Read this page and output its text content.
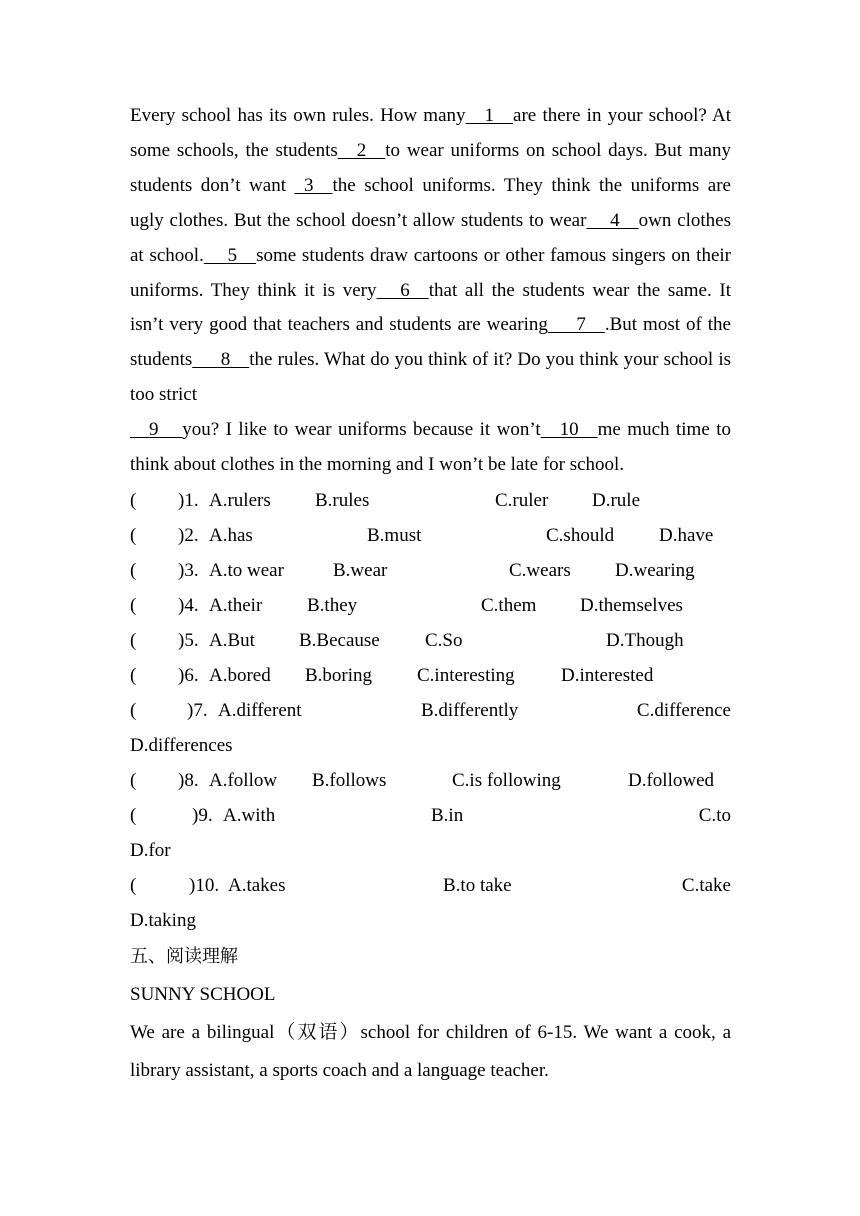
Every school has its own rules. How many    1    are there in your school? At some schools, the students    2    to wear uniforms on school days. But many students don’t want   3    the school uniforms. They think the uniforms are ugly clothes. But the school doesn’t allow students to wear     4    own clothes at school.     5    some students draw cartoons or other famous singers on their uniforms. They think it is very     6    that all the students wear the same. It isn’t very good that teachers and students are wearing      7    .But most of the students      8    the rules. What do you think of it? Do you think your school is too strict
9     you? I like to wear uniforms because it won’t    10    me much time to think about clothes in the morning and I won’t be late for school.

( )1. A.rulers B.rules	C.ruler D.rule
( )2. A.has	B.must	C.should D.have
( )3. A.to wear	B.wear	C.wears D.wearing
( )4. A.their B.they	C.them D.themselves
( )5. A.But B.Because C.So	D.Though
( )6. A.bored B.boring C.interesting D.interested
(	)7. A.different	B.differently	C.difference
D.differences
( )8. A.follow B.follows	C.is following	D.followed
(	)9. A.with	B.in	C.to
D.for
(	)10. A.takes	B.to take	C.take
D.taking
五、阅读理解
SUNNY SCHOOL

We are a bilingual（双语）school for children of 6-15. We want a cook, a library assistant, a sports coach and a language teacher.
